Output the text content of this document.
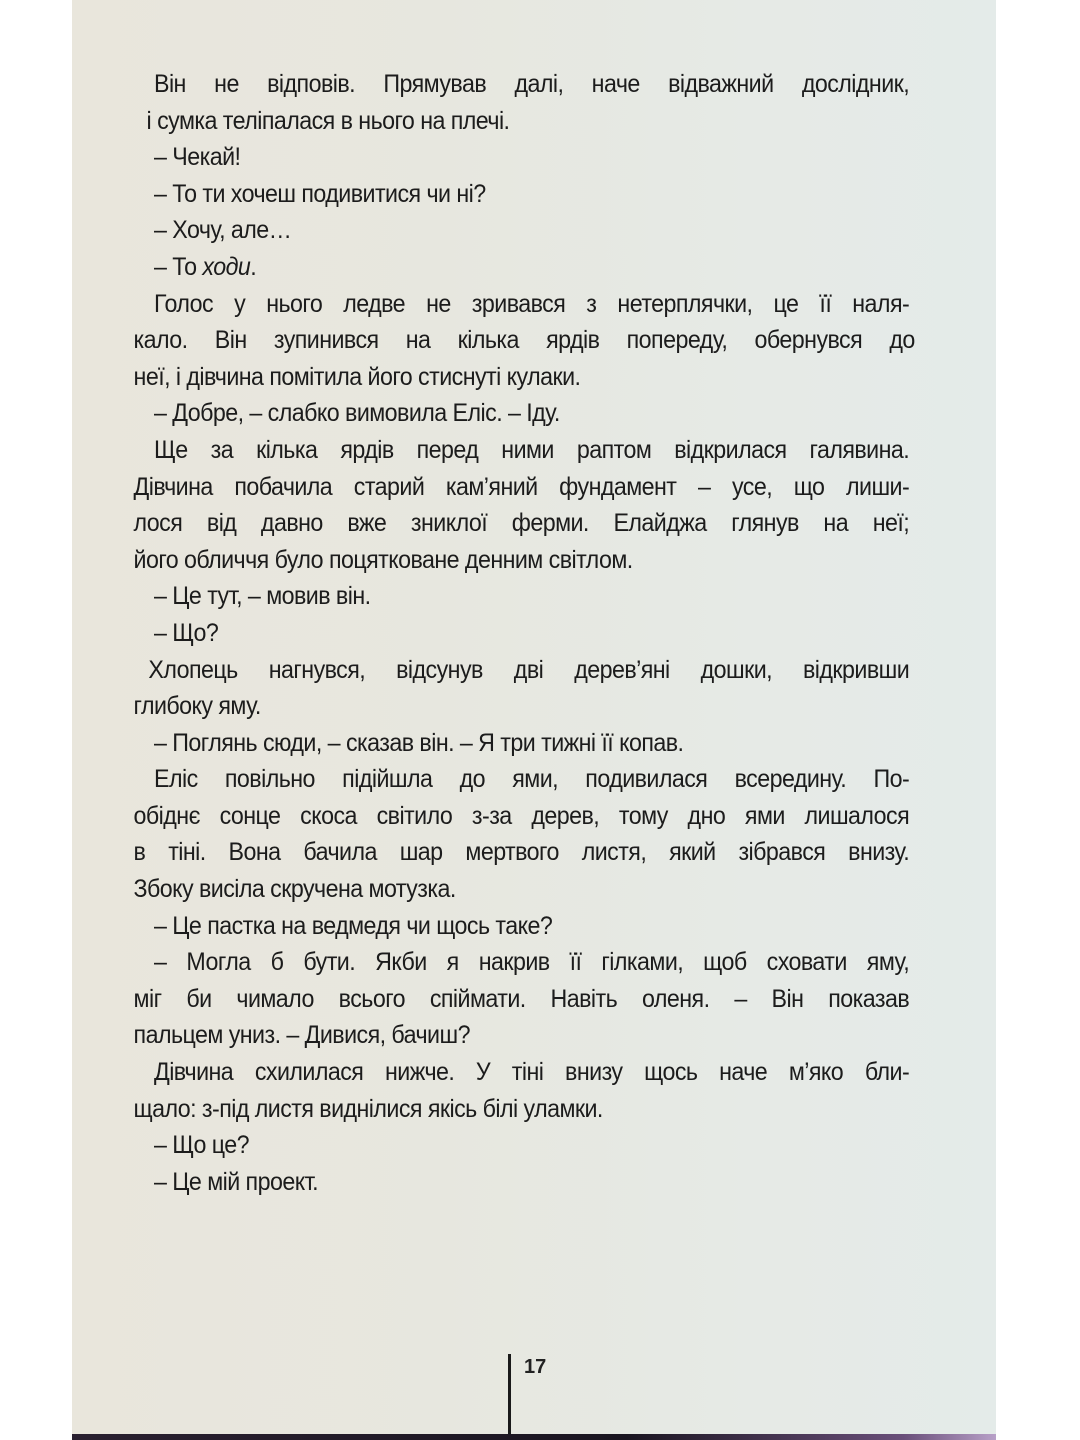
Він не відповів. Прямував далі, наче відважний дослідник,
і сумка теліпалася в нього на плечі.
– Чекай!
– То ти хочеш подивитися чи ні?
– Хочу, але…
– То ходи.
Голос у нього ледве не зривався з нетерплячки, це її наля-
кало. Він зупинився на кілька ярдів попереду, обернувся до
неї, і дівчина помітила його стиснуті кулаки.
– Добре, – слабко вимовила Еліс. – Іду.
Ще за кілька ярдів перед ними раптом відкрилася галявина.
Дівчина побачила старий кам’яний фундамент – усе, що лиши-
лося від давно вже зниклої ферми. Елайджа глянув на неї;
його обличчя було поцятковане денним світлом.
– Це тут, – мовив він.
– Що?
Хлопець нагнувся, відсунув дві дерев’яні дошки, відкривши
глибоку яму.
– Поглянь сюди, – сказав він. – Я три тижні її копав.
Еліс повільно підійшла до ями, подивилася всередину. По-
обіднє сонце скоса світило з-за дерев, тому дно ями лишалося
в тіні. Вона бачила шар мертвого листя, який зібрався внизу.
Збоку висіла скручена мотузка.
– Це пастка на ведмедя чи щось таке?
– Могла б бути. Якби я накрив її гілками, щоб сховати яму,
міг би чимало всього спіймати. Навіть оленя. – Він показав
пальцем униз. – Дивися, бачиш?
Дівчина схилилася нижче. У тіні внизу щось наче м’яко бли-
щало: з-під листя виднілися якісь білі уламки.
– Що це?
– Це мій проект.
17
